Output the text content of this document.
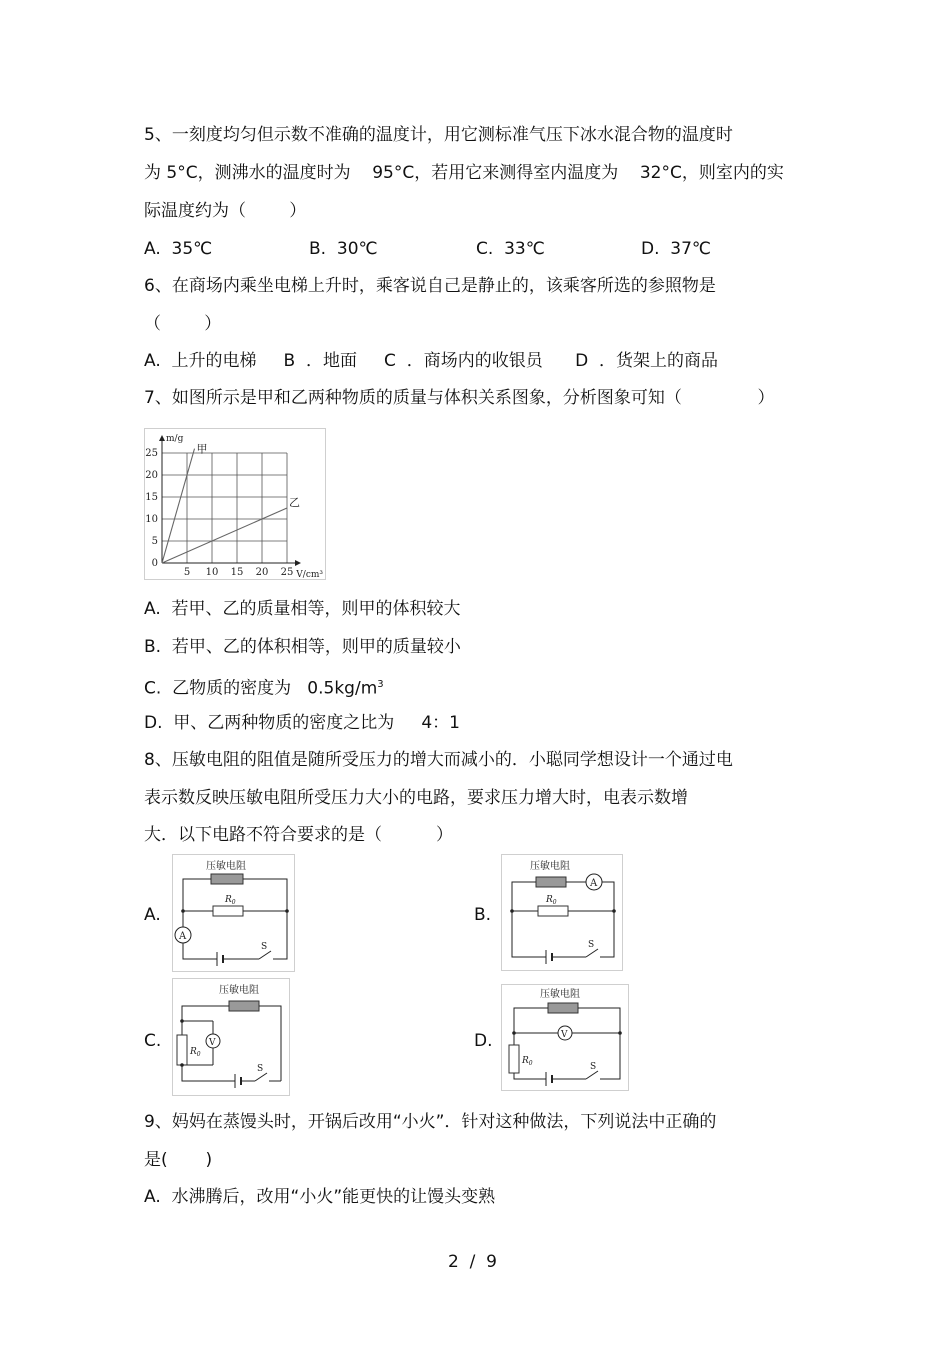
5、一刻度均匀但示数不准确的温度计，用它测标准气压下冰水混合物的温度时
为 5°C，测沸水的温度时为    95°C，若用它来测得室内温度为    32°C，则室内的实
际温度约为（        ）
A.  35℃	B.  30℃	C.  33℃	D.  37℃
6、在商场内乘坐电梯上升时，乘客说自己是静止的，该乘客所选的参照物是
（        ）
A.  上升的电梯     B  ．地面     C  ．商场内的收银员      D  ．货架上的商品
7、如图所示是甲和乙两种物质的质量与体积关系图象，分析图象可知（              ）
5 10 15 20 25
0
5
10
15
20
25
m/g
V/cm³
甲
乙
A.  若甲、乙的质量相等，则甲的体积较大
B.  若甲、乙的体积相等，则甲的质量较小
C.  乙物质的密度为   $0.5kg/m^3$
D.  甲、乙两种物质的密度之比为     4：1
8、压敏电阻的阻值是随所受压力的增大而减小的．小聪同学想设计一个通过电
表示数反映压敏电阻所受压力大小的电路，要求压力增大时，电表示数增
大．以下电路不符合要求的是（          ）
A.	B.
C.	D.
压敏电阻
$R_0$
A
S
压敏电阻
A
$R_0$
S
压敏电阻
$R_0$
V
S
压敏电阻
V
$R_0$	S
9、妈妈在蒸馒头时，开锅后改用“小火”．针对这种做法，下列说法中正确的
是(       )
A.  水沸腾后，改用“小火”能更快的让馒头变熟
2  /  9
